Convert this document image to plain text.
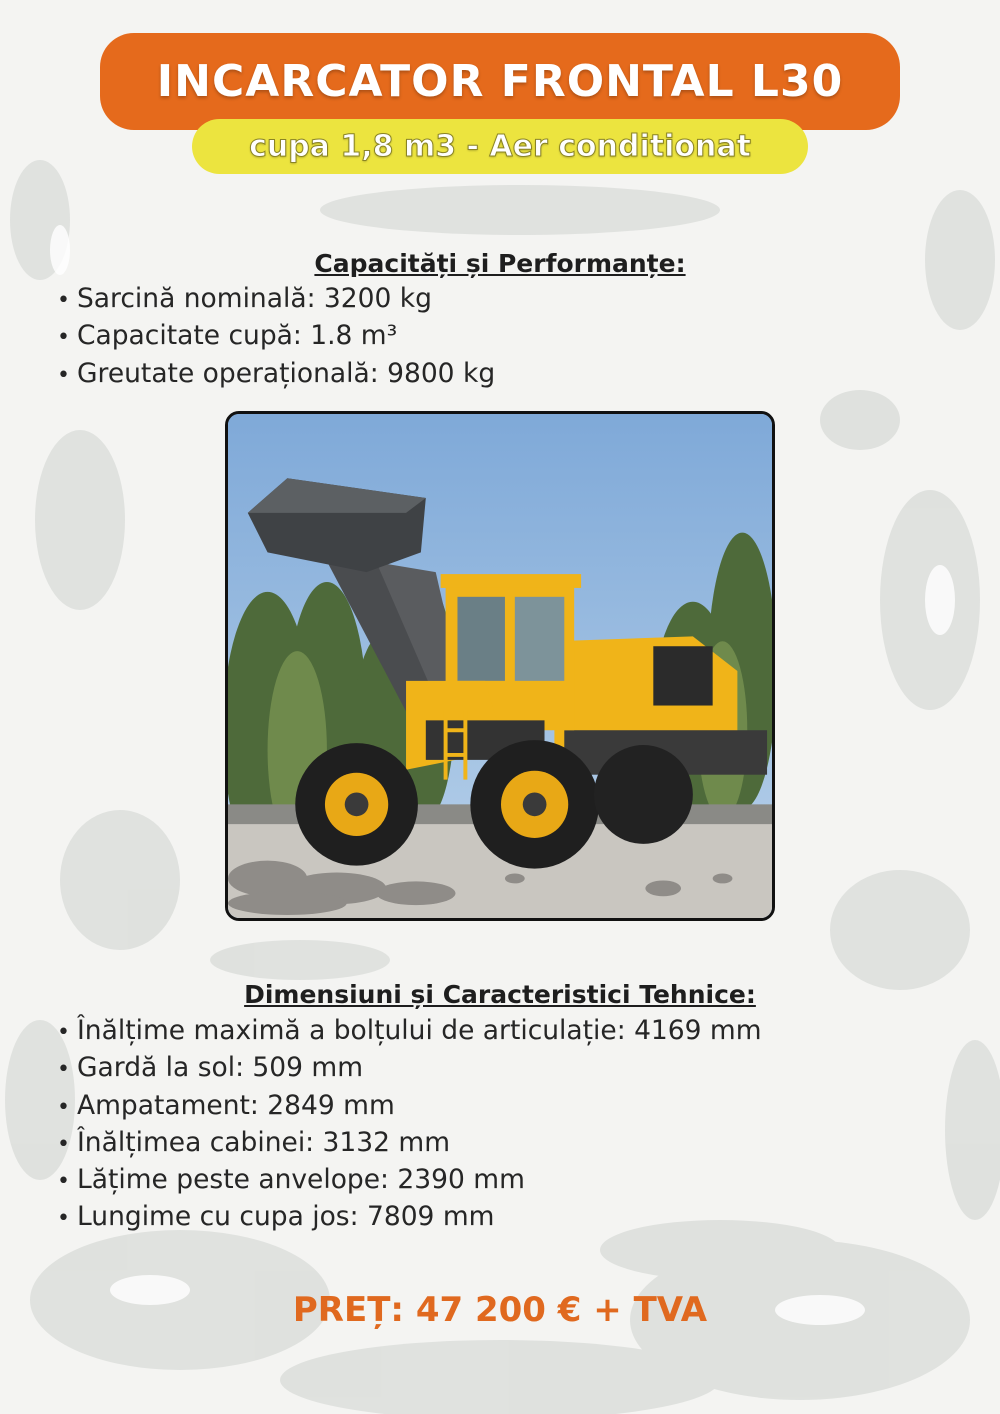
INCARCATOR FRONTAL L30
cupa 1,8 m3 - Aer conditionat
Capacități și Performanțe:
• Sarcină nominală: 3200 kg
• Capacitate cupă: 1.8 m³
• Greutate operațională: 9800 kg
Dimensiuni și Caracteristici Tehnice:
• Înălțime maximă a bolțului de articulație: 4169 mm
• Gardă la sol: 509 mm
• Ampatament: 2849 mm
• Înălțimea cabinei: 3132 mm
• Lățime peste anvelope: 2390 mm
• Lungime cu cupa jos: 7809 mm
PREȚ: 47 200 € + TVA
